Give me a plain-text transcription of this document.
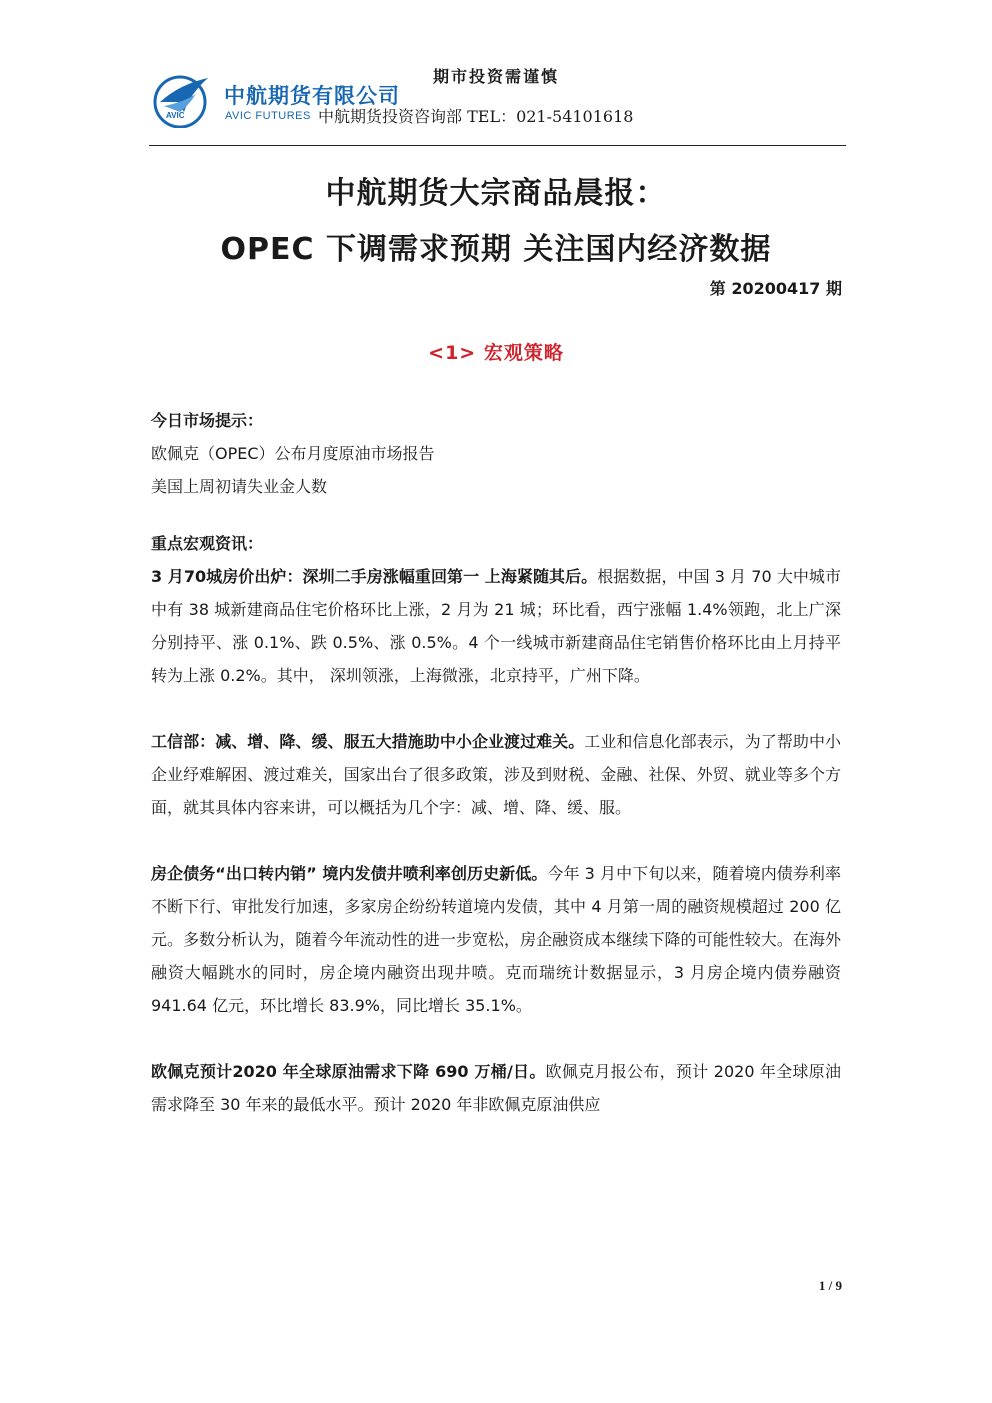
AVIC
中航期货有限公司
AVIC FUTURES
期市投资需谨慎
中航期货投资咨询部 TEL：021-54101618
中航期货大宗商品晨报：
OPEC 下调需求预期 关注国内经济数据
第 20200417 期
<1> 宏观策略

今日市场提示：

欧佩克（OPEC）公布月度原油市场报告

美国上周初请失业金人数

重点宏观资讯：

3 月70城房价出炉：深圳二手房涨幅重回第一 上海紧随其后。根据数据，中国 3 月 70 大中城市中有 38 城新建商品住宅价格环比上涨，2 月为 21 城；环比看，西宁涨幅 1.4%领跑，北上广深分别持平、涨 0.1%、跌 0.5%、涨 0.5%。4 个一线城市新建商品住宅销售价格环比由上月持平转为上涨 0.2%。其中， 深圳领涨，上海微涨，北京持平，广州下降。

工信部：减、增、降、缓、服五大措施助中小企业渡过难关。工业和信息化部表示，为了帮助中小企业纾难解困、渡过难关，国家出台了很多政策，涉及到财税、金融、社保、外贸、就业等多个方面，就其具体内容来讲，可以概括为几个字：减、增、降、缓、服。

房企债务“出口转内销” 境内发债井喷利率创历史新低。今年 3 月中下旬以来，随着境内债券利率不断下行、审批发行加速，多家房企纷纷转道境内发债，其中 4 月第一周的融资规模超过 200 亿元。多数分析认为，随着今年流动性的进一步宽松，房企融资成本继续下降的可能性较大。在海外融资大幅跳水的同时，房企境内融资出现井喷。克而瑞统计数据显示，3 月房企境内债券融资 941.64 亿元，环比增长 83.9%，同比增长 35.1%。

欧佩克预计2020 年全球原油需求下降 690 万桶/日。欧佩克月报公布，预计 2020 年全球原油需求降至 30 年来的最低水平。预计 2020 年非欧佩克原油供应

1 / 9
